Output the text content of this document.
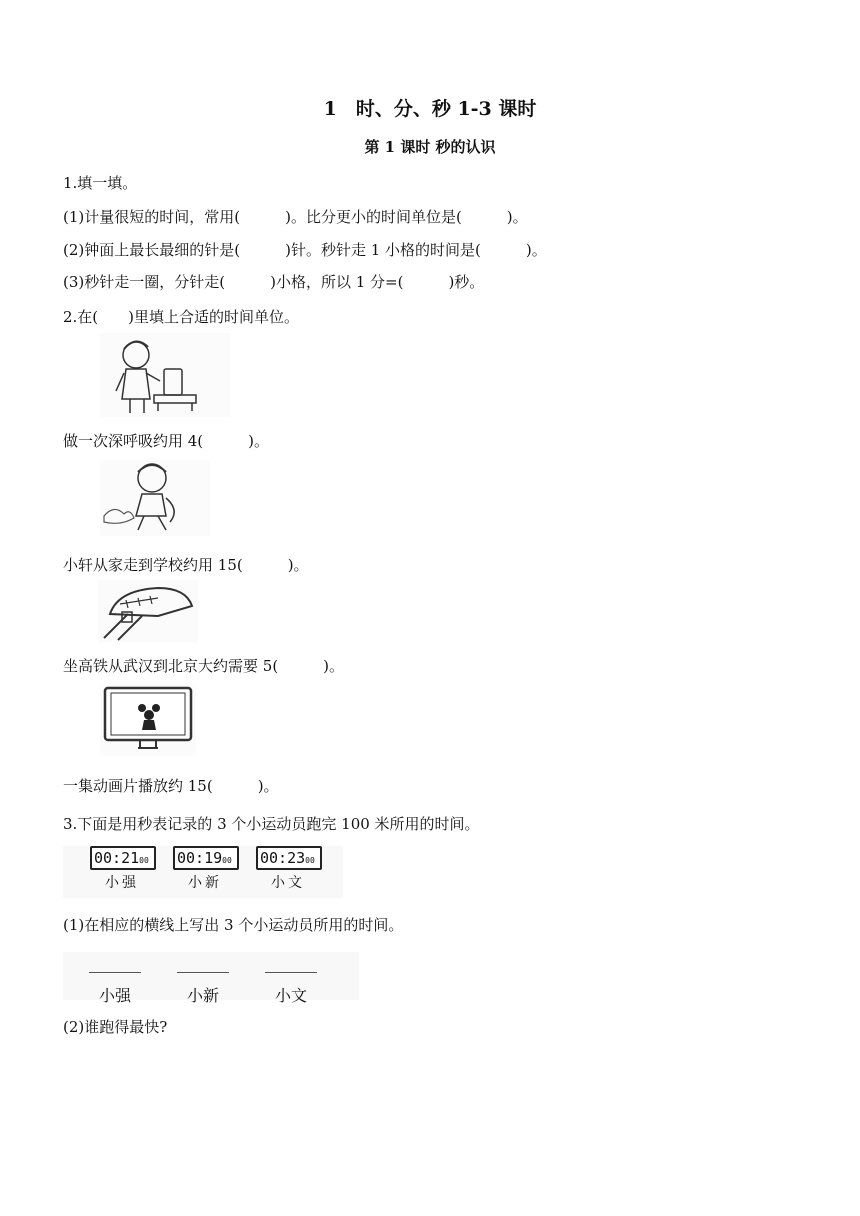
1　时、分、秒 1-3 课时
第 1 课时 秒的认识
1.填一填。
(1)计量很短的时间，常用(　　　)。比分更小的时间单位是(　　　)。
(2)钟面上最长最细的针是(　　　)针。秒针走 1 小格的时间是(　　　)。
(3)秒针走一圈，分针走(　　　)小格，所以 1 分=(　　　)秒。
2.在(　　)里填上合适的时间单位。
做一次深呼吸约用 4(　　　)。
小轩从家走到学校约用 15(　　　)。
坐高铁从武汉到北京大约需要 5(　　　)。
一集动画片播放约 15(　　　)。
3.下面是用秒表记录的 3 个小运动员跑完 100 米所用的时间。
00:2100
小强
00:1900
小新
00:2300
小文
(1)在相应的横线上写出 3 个小运动员所用的时间。
小强	小新	小文
(2)谁跑得最快?
